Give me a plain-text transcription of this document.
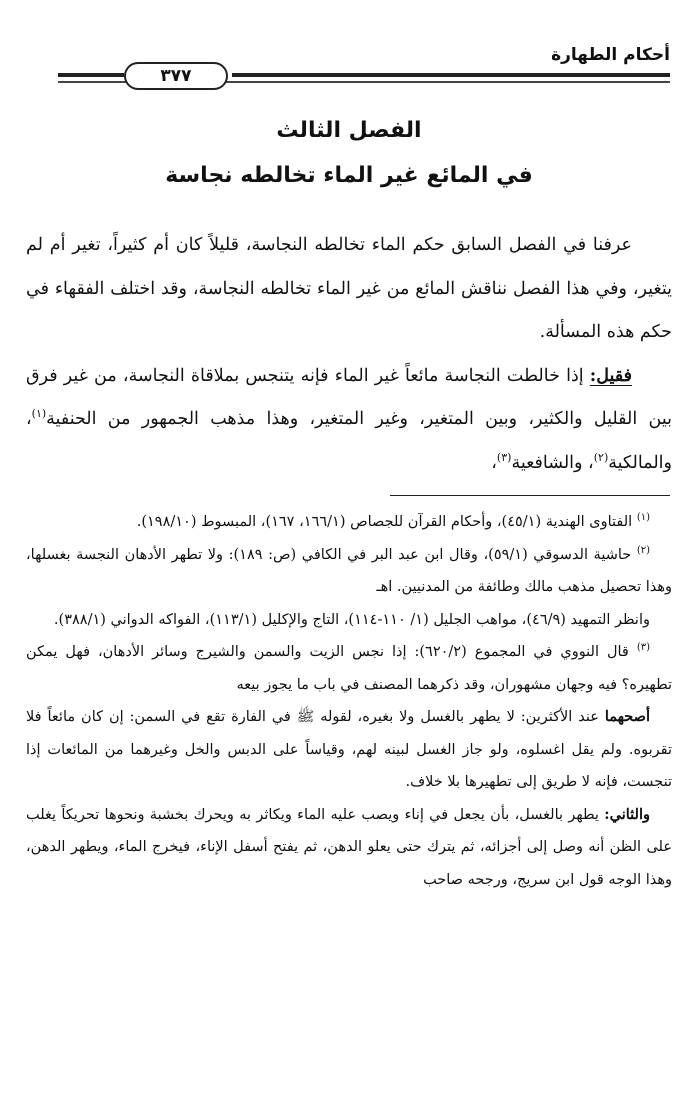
أحكام الطهارة
٣٧٧
الفصل الثالث
في المائع غير الماء تخالطه نجاسة

عرفنا في الفصل السابق حكم الماء تخالطه النجاسة، قليلاً كان أم كثيراً، تغير أم لم يتغير، وفي هذا الفصل نناقش المائع من غير الماء تخالطه النجاسة، وقد اختلف الفقهاء في حكم هذه المسألة.

فقيل: إذا خالطت النجاسة مائعاً غير الماء فإنه يتنجس بملاقاة النجاسة، من غير فرق بين القليل والكثير، وبين المتغير، وغير المتغير، وهذا مذهب الجمهور من الحنفية$^{(١)}$، والمالكية$^{(٢)}$، والشافعية$^{(٣)}$،

$^{(١)}$ الفتاوى الهندية (٤٥/١)، وأحكام القرآن للجصاص (١٦٦/١، ١٦٧)، المبسوط (١٩٨/١٠).

$^{(٢)}$ حاشية الدسوقي (٥٩/١)، وقال ابن عبد البر في الكافي (ص: ١٨٩): ولا تطهر الأدهان النجسة بغسلها، وهذا تحصيل مذهب مالك وطائفة من المدنيين. اهـ

وانظر التمهيد (٤٦/٩)، مواهب الجليل (١/ ١١٠-١١٤)، التاج والإكليل (١١٣/١)، الفواكه الدواني (٣٨٨/١).

$^{(٣)}$ قال النووي في المجموع (٦٢٠/٢): إذا نجس الزيت والسمن والشيرج وسائر الأدهان، فهل يمكن تطهيره؟ فيه وجهان مشهوران، وقد ذكرهما المصنف في باب ما يجوز بيعه

أصحهما عند الأكثرين: لا يطهر بالغسل ولا بغيره، لقوله ﷺ في الفارة تقع في السمن: إن كان مائعاً فلا تقربوه. ولم يقل اغسلوه، ولو جاز الغسل لبينه لهم، وقياساً على الدبس والخل وغيرهما من المائعات إذا تنجست، فإنه لا طريق إلى تطهيرها بلا خلاف.

والثاني: يطهر بالغسل، بأن يجعل في إناء ويصب عليه الماء ويكاثر به ويحرك بخشبة ونحوها تحريكاً يغلب على الظن أنه وصل إلى أجزائه، ثم يترك حتى يعلو الدهن، ثم يفتح أسفل الإناء، فيخرج الماء، ويطهر الدهن، وهذا الوجه قول ابن سريج، ورجحه صاحب
